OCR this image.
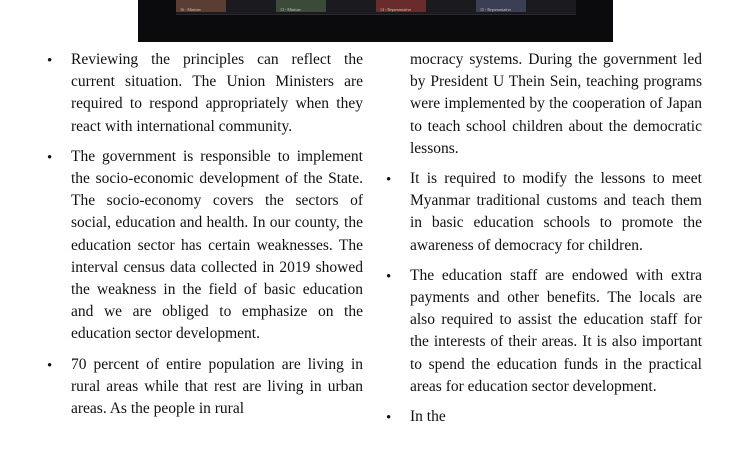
16 - Minister	13 - Minister	14 - Representative	15 - Representative
• Reviewing the principles can reflect the current situation. The Union Ministers are required to respond appropriately when they react with international community.

• The government is responsible to implement the socio-economic development of the State. The socio-economy covers the sectors of social, education and health. In our county, the education sector has certain weaknesses. The interval census data collected in 2019 showed the weakness in the field of basic education and we are obliged to emphasize on the education sector development.

• 70 percent of entire population are living in rural areas while that rest are living in urban areas. As the people in rural

mocracy systems. During the government led by President U Thein Sein, teaching programs were implemented by the cooperation of Japan to teach school children about the democratic lessons.

• It is required to modify the lessons to meet Myanmar traditional customs and teach them in basic education schools to promote the awareness of democracy for children.

• The education staff are endowed with extra payments and other benefits. The locals are also required to assist the education staff for the interests of their areas. It is also important to spend the education funds in the practical areas for education sector development.

• In the
